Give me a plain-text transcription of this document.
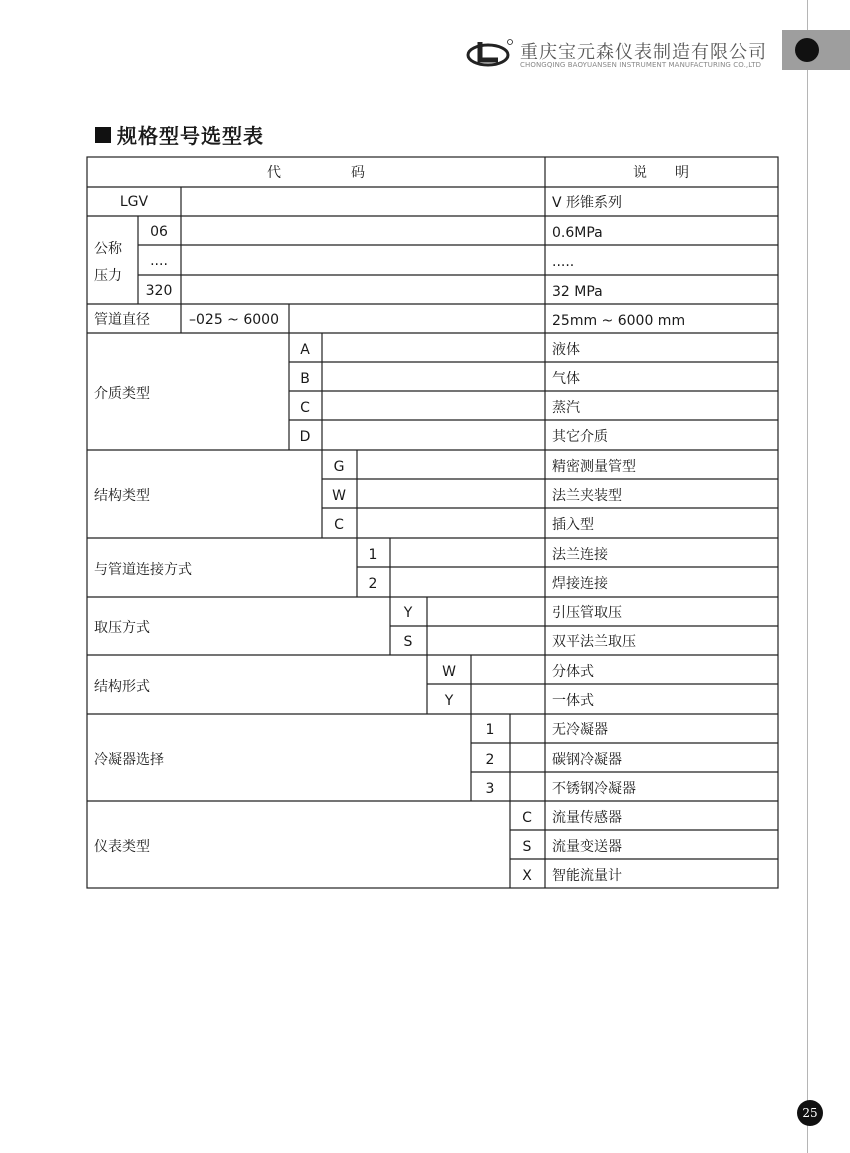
重庆宝元森仪表制造有限公司
CHONGQING BAOYUANSEN INSTRUMENT MANUFACTURING CO.,LTD
规格型号选型表
代　　　　　码	说　　明
LGV	V 形锥系列
公称
压力
06	0.6MPa
....	.....
320	32 MPa
管道直径	–025 ~ 6000	25mm ~ 6000 mm
介质类型
A	液体
B	气体
C	蒸汽
D	其它介质
结构类型
G	精密测量管型
W	法兰夹装型
C	插入型
与管道连接方式
1	法兰连接
2	焊接连接
取压方式
Y	引压管取压
S	双平法兰取压
结构形式
W	分体式
Y	一体式
冷凝器选择
1	无冷凝器
2	碳钢冷凝器
3	不锈钢冷凝器
仪表类型
C 流量传感器
S 流量变送器
X 智能流量计
25
